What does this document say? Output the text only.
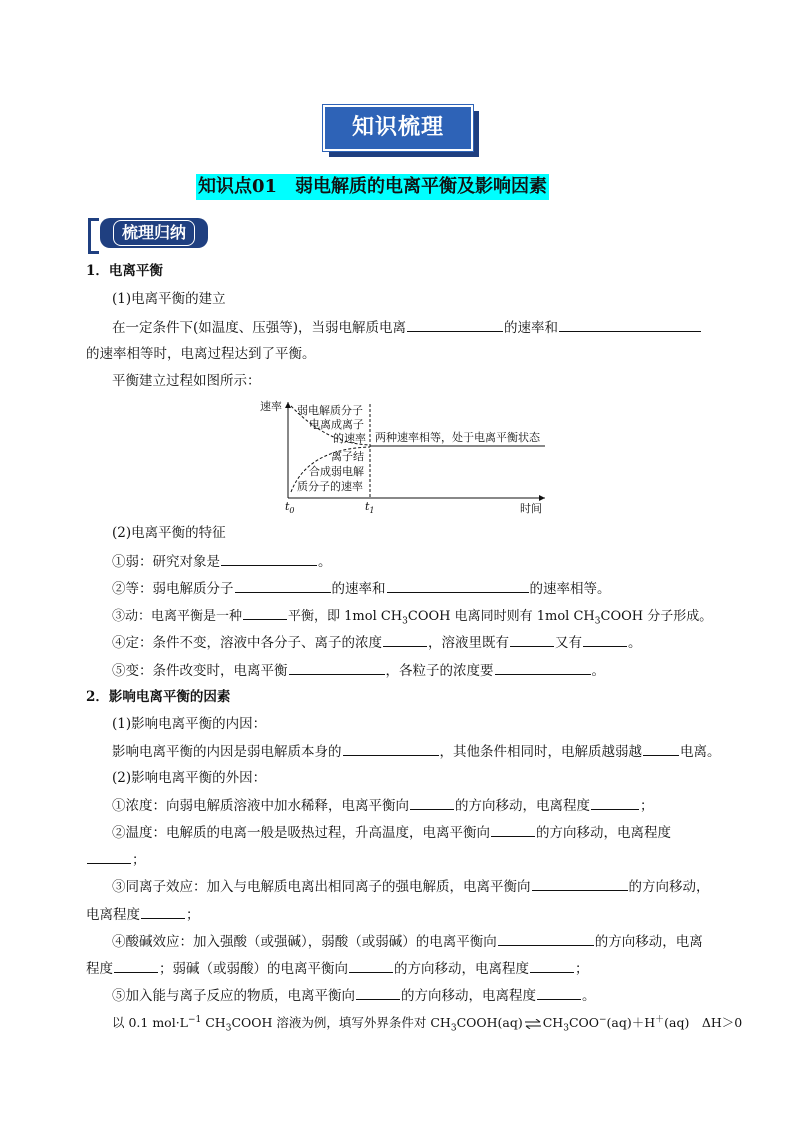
知识梳理
知识点01　弱电解质的电离平衡及影响因素
梳理归纳
1．电离平衡
(1)电离平衡的建立
在一定条件下(如温度、压强等)，当弱电解质电离	的速率和
的速率相等时，电离过程达到了平衡。
平衡建立过程如图所示：
速率
时间
$t_0$	$t_1$
弱电解质分子
电离成离子
的速率
离子结
合成弱电解
质分子的速率
两种速率相等，处于电离平衡状态
(2)电离平衡的特征
①弱：研究对象是	。
②等：弱电解质分子	的速率和	的速率相等。
③动：电离平衡是一种	平衡，即 1mol $CH_3COOH$ 电离同时则有 1mol $CH_3COOH$ 分子形成。
④定：条件不变，溶液中各分子、离子的浓度	，溶液里既有	又有	。
⑤变：条件改变时，电离平衡	，各粒子的浓度要	。
2．影响电离平衡的因素
(1)影响电离平衡的内因：
影响电离平衡的内因是弱电解质本身的	，其他条件相同时，电解质越弱越	电离。
(2)影响电离平衡的外因：
①浓度：向弱电解质溶液中加水稀释，电离平衡向	的方向移动，电离程度	；
②温度：电解质的电离一般是吸热过程，升高温度，电离平衡向	的方向移动，电离程度
；
③同离子效应：加入与电解质电离出相同离子的强电解质，电离平衡向	的方向移动，
电离程度	；
④酸碱效应：加入强酸（或强碱），弱酸（或弱碱）的电离平衡向	的方向移动，电离
程度	；弱碱（或弱酸）的电离平衡向	的方向移动，电离程度	；
⑤加入能与离子反应的物质，电离平衡向	的方向移动，电离程度	。
以 0.1 $mol\cdot L^{-1}$ $CH_3COOH$ 溶液为例，填写外界条件对 $CH_3COOH(aq)\rightleftharpoons CH_3COO^-(aq)+H^+(aq)$　ΔH＞0
